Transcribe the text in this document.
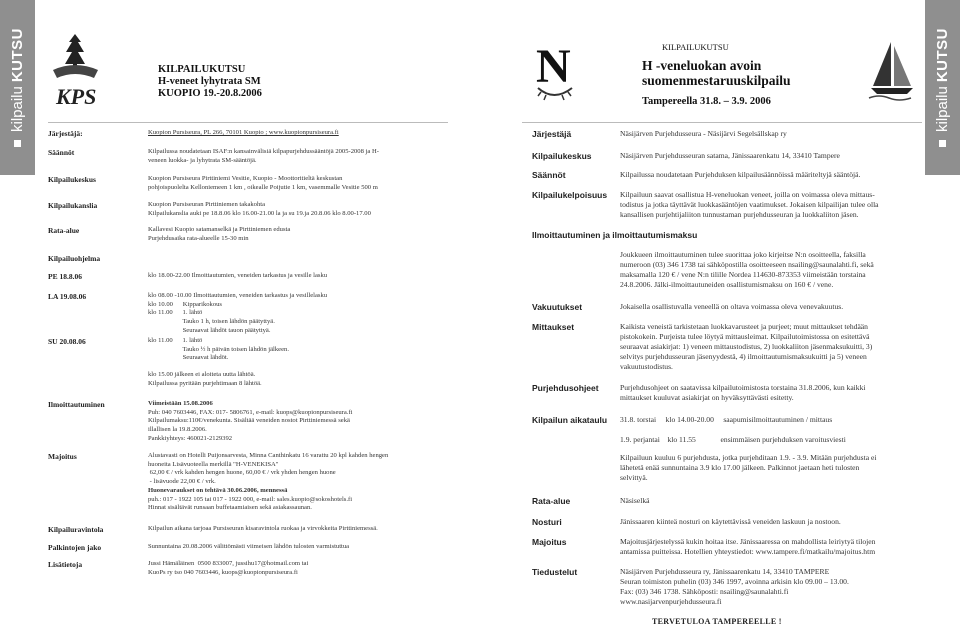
kilpailu
KUTSU
kilpailu
KUTSU
KPS
KILPAILUKUTSU
H-veneet lyhytrata SM
KUOPIO 19.-20.8.2006
Järjestäjä:	Kuopion Pursiseura, PL 266, 70101 Kuopio ; www.kuopionpursiseura.fi
Säännöt	Kilpailussa noudatetaan ISAF:n kansainvälisiä kilpapurjehdussääntöjä 2005-2008 ja H-
veneen luokka- ja lyhytrata SM-sääntöjä.
Kilpailukeskus	Kuopion Pursiseura Pirttiniemi Vesitie, Kuopio - Moottoritieltä keskustan
pohjoispuolelta Kelloniemeen 1 km , oikealle Poijutie 1 km, vasemmalle Vesitie 500 m
Kilpailukanslia	Kuopion Pursiseuran Pirttiniemen takakohta
Kilpailukanslia auki pe 18.8.06 klo 16.00-21.00 la ja su 19.ja 20.8.06 klo 8.00-17.00
Rata-alue	Kallavesi Kuopio satamanselkä ja Pirttiniemen edusta
Purjehdusaika rata-alueelle 15-30 min
Kilpailuohjelma
PE 18.8.06	klo 18.00-22.00 Ilmoittautumien, veneiden tarkastus ja vesille lasku
LA 19.08.06	klo 08.00 -10.00 Ilmoittautumien, veneiden tarkastus ja vesillelasku
klo 10.00      Kipparikokous
klo 11.00      1. lähtö
Tauko 1 h, toisen lähdön päätyttyä.
Seuraavat lähdöt tauon päätyttyä.
SU 20.08.06	klo 11.00      1. lähtö
Tauko ½ h päivän toisen lähdön jälkeen.
Seuraavat lähdöt.
klo 15.00 jälkeen ei aloiteta uutta lähtöä.
Kilpailussa pyritään purjehtimaan 8 lähtöä.
Ilmoittautuminen	Viimeistään 15.08.2006
Puh: 040 7603446, FAX: 017- 5806761, e-mail: kuops@kuopionpursiseura.fi
Kilpailumaksu:110€/venekunta. Sisältää veneiden nostot Pirttiniemessä sekä
illallisen la 19.8.2006.
Pankkiyhteys: 460021-2129392
Majoitus	Alustavasti on Hotelli Puijonsarvesta, Minna Canthinkatu 16 varattu 20 kpl kahden hengen
huoneita Lisävuoteella merkillä "H-VENEKISA"
62,00 € / vrk kahden hengen huone, 60,00 € / vrk yhden hengen huone
- lisävuode 22,00 € / vrk.
Huonevaraukset on tehtävä 30.06.2006, mennessä
puh.: 017 - 1922 105 tai 017 - 1922 000, e-mail: sales.kuopio@sokoshotels.fi
Hinnat sisältävät runsaan buffetaamiaisen sekä asiakassaunan.
Kilpailuravintola	Kilpailun aikana tarjoaa Pursiseuran kisaravintola ruokaa ja virvokkeita Pirttiniemessä.
Palkintojen jako	Sunnuntaina 20.08.2006 välittömästi viimeisen lähdön tulosten varmistuttua
Lisätietoja	Jussi Hämäläinen  0500 833007, jussihu17@hotmail.com tai
KuoPs ry tso 040 7603446, kuops@kuopionpursiseura.fi
N	KILPAILUKUTSU
H -veneluokan avoin
suomenmestaruuskilpailu
Tampereella 31.8. – 3.9. 2006
Järjestäjä	Näsijärven Purjehdusseura - Näsijärvi Segelsällskap ry
Kilpailukeskus	Näsijärven Purjehdusseuran satama, Jänissaarenkatu 14, 33410 Tampere
Säännöt	Kilpailussa noudatetaan Purjehduksen kilpailusäännöissä määriteltyjä sääntöjä.
Kilpailukelpoisuus Kilpailuun saavat osallistua H-veneluokan veneet, joilla on voimassa oleva mittaus-
todistus ja jotka täyttävät luokkasääntöjen vaatimukset. Jokaisen kilpailijan tulee olla
kansallisen purjehtijaliiton tunnustaman purjehdusseuran ja luokkaliiton jäsen.
Ilmoittautuminen ja ilmoittautumismaksu
Joukkueen ilmoittautuminen tulee suorittaa joko kirjeitse N:n osoitteella, faksilla
numeroon (03) 346 1738 tai sähköpostilla osoitteeseen nsailing@saunalahti.fi, sekä
maksamalla 120 € / vene N:n tilille Nordea 114630-873353 viimeistään torstaina
24.8.2006. Jälki-ilmoittautuneiden osallistumismaksu on 160 € / vene.
Vakuutukset	Jokaisella osallistuvalla veneellä on oltava voimassa oleva venevakuutus.
Mittaukset	Kaikista veneistä tarkistetaan luokkavarusteet ja purjeet; muut mittaukset tehdään
pistokokein. Purjeista tulee löytyä mittausleimat. Kilpailutoimistossa on esitettävä
seuraavat asiakirjat: 1) veneen mittaustodistus, 2) luokkaliiton jäsenmaksukuitti, 3)
selvitys purjehdusseuran jäsenyydestä, 4) ilmoittautumismaksukuitti ja 5) veneen
vakuutustodistus.
Purjehdusohjeet	Purjehdusohjeet on saatavissa kilpailutoimistosta torstaina 31.8.2006, kun kaikki
mittaukset kuuluvat asiakirjat on hyväksyttävästi esitetty.
Kilpailun aikataulu 31.8. torstai     klo 14.00-20.00     saapumisilmoittautuminen / mittaus
1.9. perjantai    klo 11.55             ensimmäisen purjehduksen varoitusviesti
Kilpailuun kuuluu 6 purjehdusta, jotka purjehditaan 1.9. - 3.9. Mitään purjehdusta ei
lähetetä enää sunnuntaina 3.9 klo 17.00 jälkeen. Palkinnot jaetaan heti tulosten
selvittyä.
Rata-alue	Näsiselkä
Nosturi	Jänissaaren kiinteä nosturi on käytettävissä veneiden laskuun ja nostoon.
Majoitus	Majoitusjärjestelyssä kukin hoitaa itse. Jänissaaressa on mahdollista leiriytyä tilojen
antamissa puitteissa. Hotellien yhteystiedot: www.tampere.fi/matkailu/majoitus.htm
Tiedustelut	Näsijärven Purjehdusseura ry, Jänissaarenkatu 14, 33410 TAMPERE
Seuran toimiston puhelin (03) 346 1997, avoinna arkisin klo 09.00 – 13.00.
Fax: (03) 346 1738. Sähköposti: nsailing@saunalahti.fi
www.nasijarvenpurjehdusseura.fi
TERVETULOA TAMPEREELLE !
